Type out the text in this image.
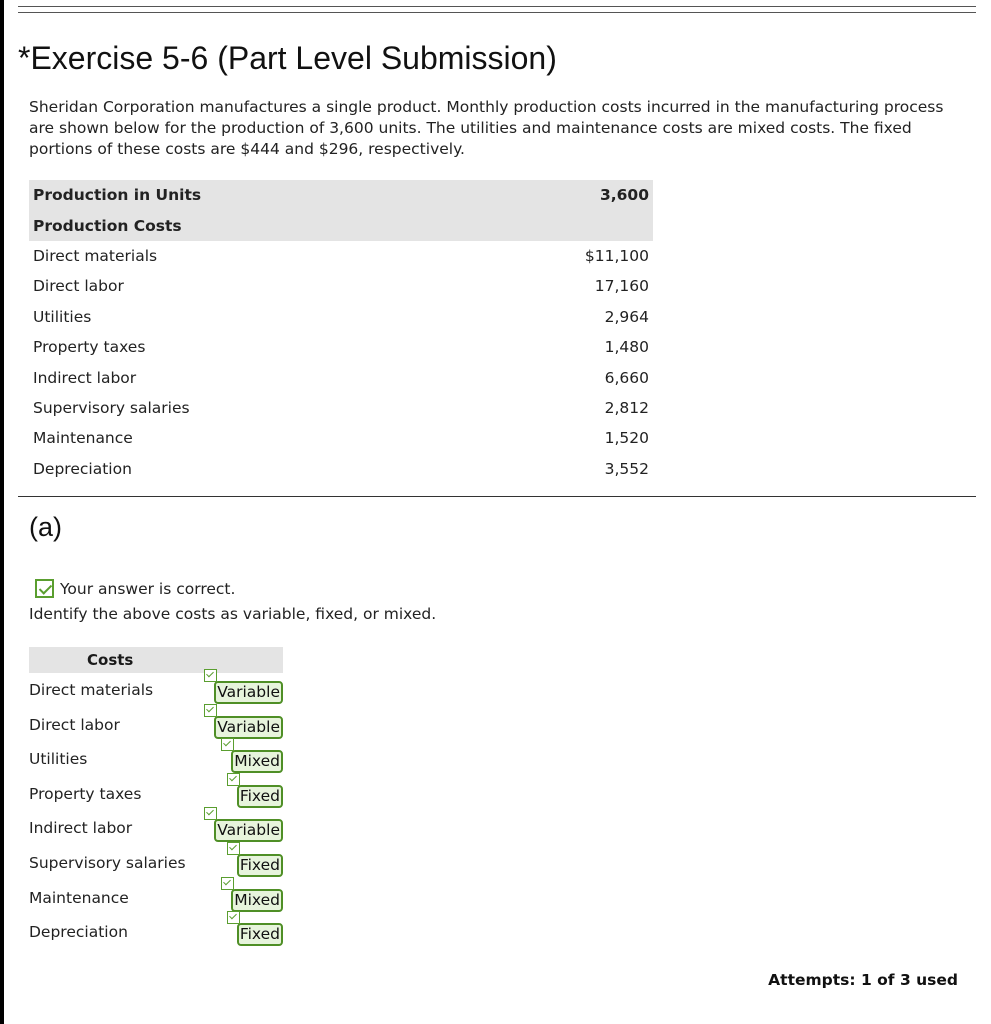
*Exercise 5-6 (Part Level Submission)

Sheridan Corporation manufactures a single product. Monthly production costs incurred in the manufacturing process are shown below for the production of 3,600 units. The utilities and maintenance costs are mixed costs. The fixed portions of these costs are $444 and $296, respectively.

Production in Units	3,600
Production Costs
Direct materials	$11,100
Direct labor	17,160
Utilities	2,964
Property taxes	1,480
Indirect labor	6,660
Supervisory salaries	2,812
Maintenance	1,520
Depreciation	3,552
(a)
Your answer is correct.

Identify the above costs as variable, fixed, or mixed.

Costs
Direct materials	Variable
Direct labor	Variable
Utilities	Mixed
Property taxes	Fixed
Indirect labor	Variable
Supervisory salaries	Fixed
Maintenance	Mixed
Depreciation	Fixed
Attempts: 1 of 3 used
